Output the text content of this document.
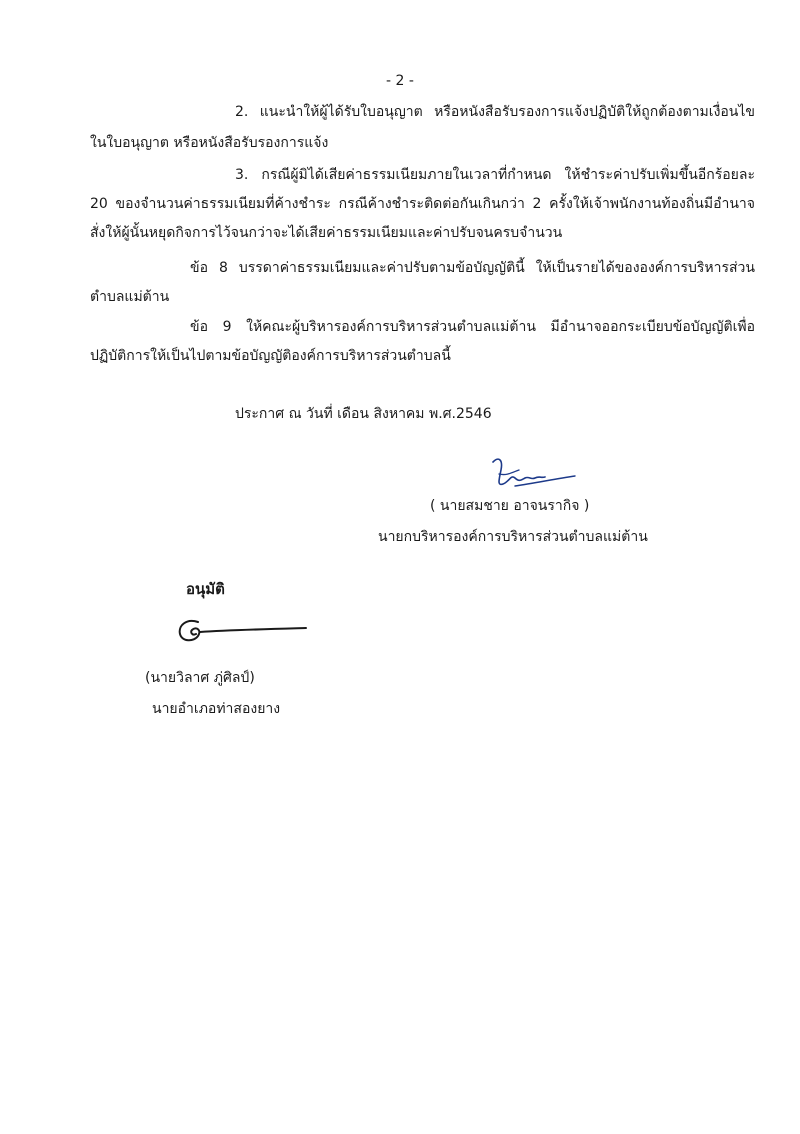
- 2 -
2. แนะนำให้ผู้ได้รับใบอนุญาต หรือหนังสือรับรองการแจ้งปฏิบัติให้ถูกต้องตามเงื่อนไข
ในใบอนุญาต หรือหนังสือรับรองการแจ้ง
3. กรณีผู้มิได้เสียค่าธรรมเนียมภายในเวลาที่กำหนด ให้ชำระค่าปรับเพิ่มขึ้นอีกร้อยละ
20 ของจำนวนค่าธรรมเนียมที่ค้างชำระ กรณีค้างชำระติดต่อกันเกินกว่า 2 ครั้งให้เจ้าพนักงานท้องถิ่นมีอำนาจ
สั่งให้ผู้นั้นหยุดกิจการไว้จนกว่าจะได้เสียค่าธรรมเนียมและค่าปรับจนครบจำนวน
ข้อ 8 บรรดาค่าธรรมเนียมและค่าปรับตามข้อบัญญัตินี้ ให้เป็นรายได้ขององค์การบริหารส่วน
ตำบลแม่ต้าน
ข้อ 9 ให้คณะผู้บริหารองค์การบริหารส่วนตำบลแม่ต้าน มีอำนาจออกระเบียบข้อบัญญัติเพื่อ
ปฏิบัติการให้เป็นไปตามข้อบัญญัติองค์การบริหารส่วนตำบลนี้
ประกาศ ณ วันที่ เดือน สิงหาคม พ.ศ.2546
( นายสมชาย อาจนรากิจ )
นายกบริหารองค์การบริหารส่วนตำบลแม่ต้าน
อนุมัติ
(นายวิลาศ ภู่ศิลป์)
นายอำเภอท่าสองยาง
